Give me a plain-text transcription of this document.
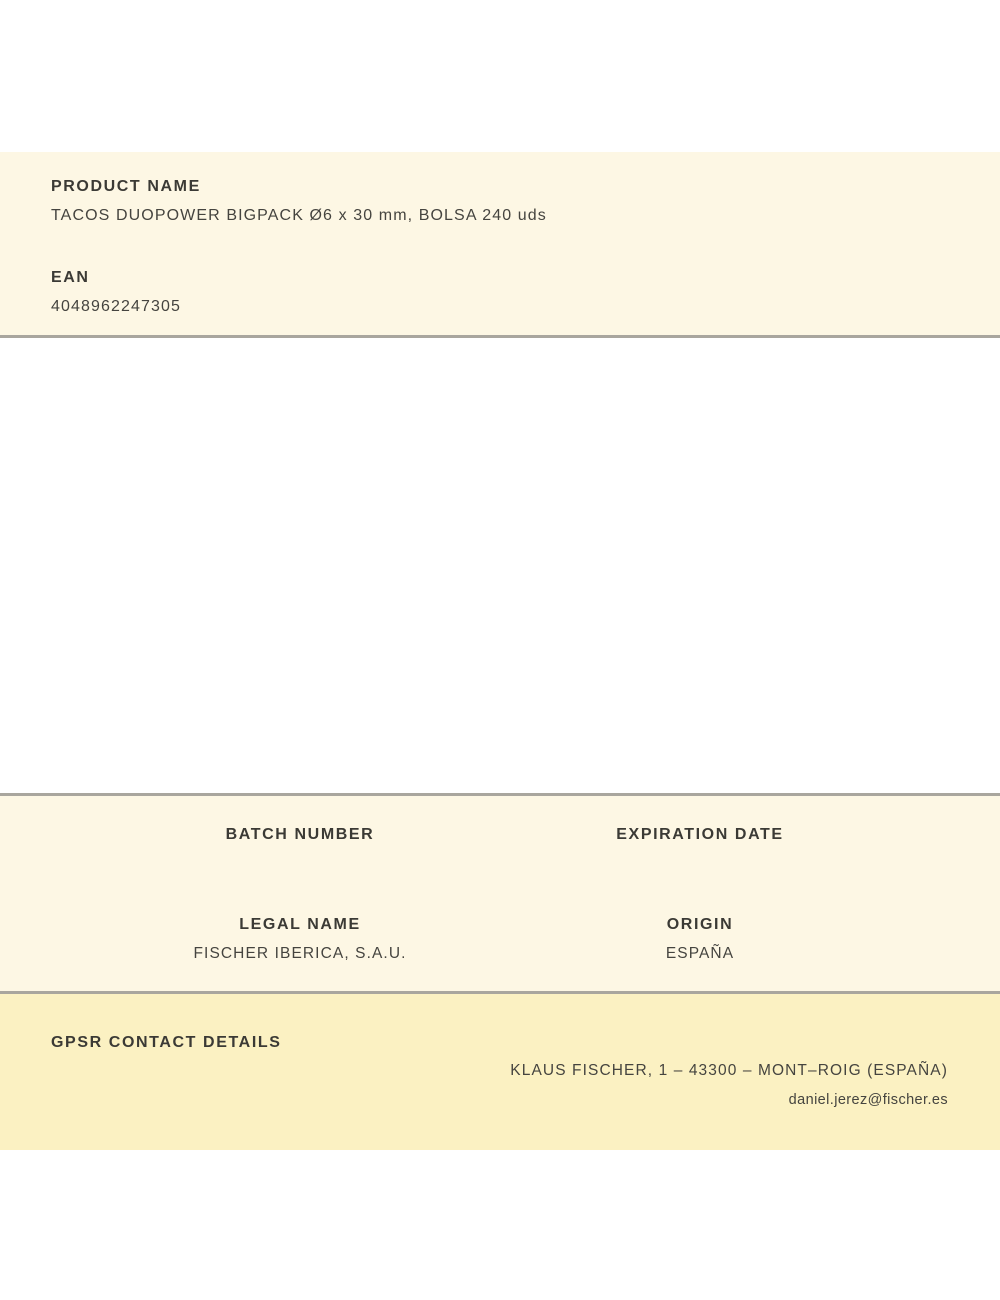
PRODUCT NAME
TACOS DUOPOWER BIGPACK Ø6 x 30 mm, BOLSA 240 uds
EAN
4048962247305
BATCH NUMBER	EXPIRATION DATE
LEGAL NAME
FISCHER IBERICA, S.A.U.
ORIGIN
ESPAÑA
GPSR CONTACT DETAILS
KLAUS FISCHER, 1 – 43300 – MONT–ROIG (ESPAÑA)
daniel.jerez@fischer.es
